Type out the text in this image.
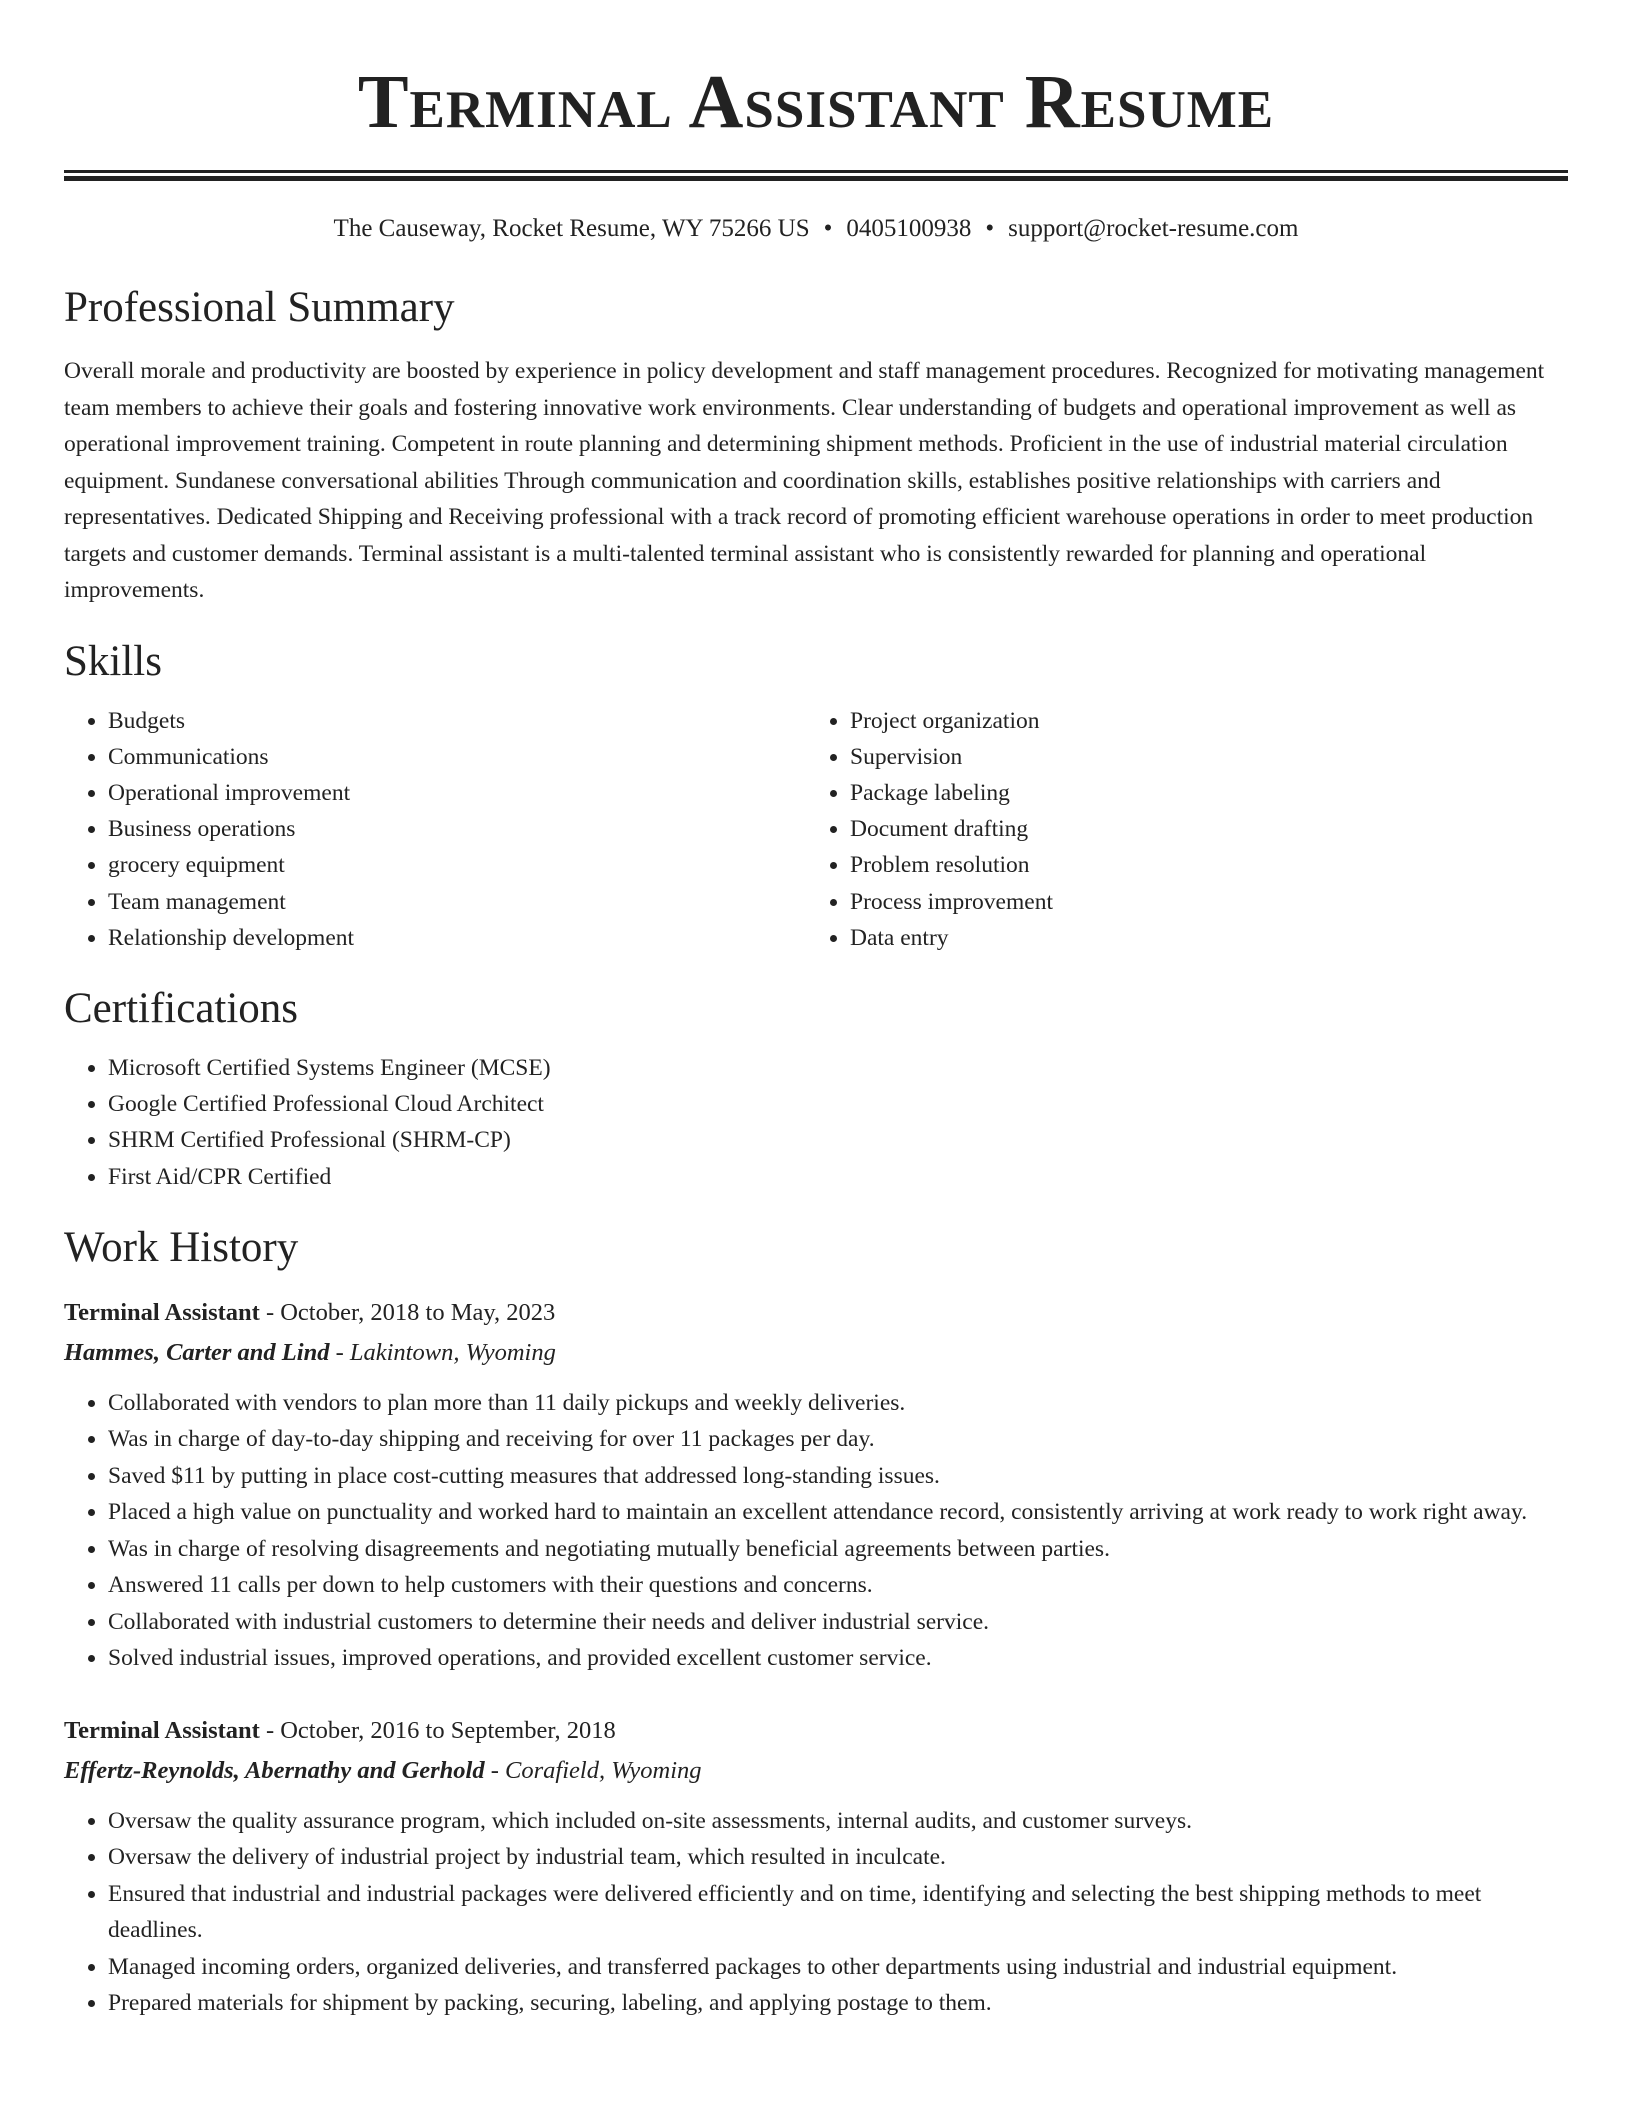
Terminal Assistant Resume
The Causeway, Rocket Resume, WY 75266 US • 0405100938 • support@rocket-resume.com
Professional Summary

Overall morale and productivity are boosted by experience in policy development and staff management procedures. Recognized for motivating management team members to achieve their goals and fostering innovative work environments. Clear understanding of budgets and operational improvement as well as operational improvement training. Competent in route planning and determining shipment methods. Proficient in the use of industrial material circulation equipment. Sundanese conversational abilities Through communication and coordination skills, establishes positive relationships with carriers and representatives. Dedicated Shipping and Receiving professional with a track record of promoting efficient warehouse operations in order to meet production targets and customer demands. Terminal assistant is a multi-talented terminal assistant who is consistently rewarded for planning and operational improvements.

Skills
• Budgets
• Communications
• Operational improvement
• Business operations
• grocery equipment
• Team management
• Relationship development
• Project organization
• Supervision
• Package labeling
• Document drafting
• Problem resolution
• Process improvement
• Data entry
Certifications
• Microsoft Certified Systems Engineer (MCSE)
• Google Certified Professional Cloud Architect
• SHRM Certified Professional (SHRM-CP)
• First Aid/CPR Certified
Work History
Terminal Assistant - October, 2018 to May, 2023
Hammes, Carter and Lind - Lakintown, Wyoming
• Collaborated with vendors to plan more than 11 daily pickups and weekly deliveries.
• Was in charge of day-to-day shipping and receiving for over 11 packages per day.
• Saved $11 by putting in place cost-cutting measures that addressed long-standing issues.
• Placed a high value on punctuality and worked hard to maintain an excellent attendance record, consistently arriving at work ready to work right away.
• Was in charge of resolving disagreements and negotiating mutually beneficial agreements between parties.
• Answered 11 calls per down to help customers with their questions and concerns.
• Collaborated with industrial customers to determine their needs and deliver industrial service.
• Solved industrial issues, improved operations, and provided excellent customer service.
Terminal Assistant - October, 2016 to September, 2018
Effertz-Reynolds, Abernathy and Gerhold - Corafield, Wyoming
• Oversaw the quality assurance program, which included on-site assessments, internal audits, and customer surveys.
• Oversaw the delivery of industrial project by industrial team, which resulted in inculcate.
• Ensured that industrial and industrial packages were delivered efficiently and on time, identifying and selecting the best shipping methods to meet deadlines.
• Managed incoming orders, organized deliveries, and transferred packages to other departments using industrial and industrial equipment.
• Prepared materials for shipment by packing, securing, labeling, and applying postage to them.
